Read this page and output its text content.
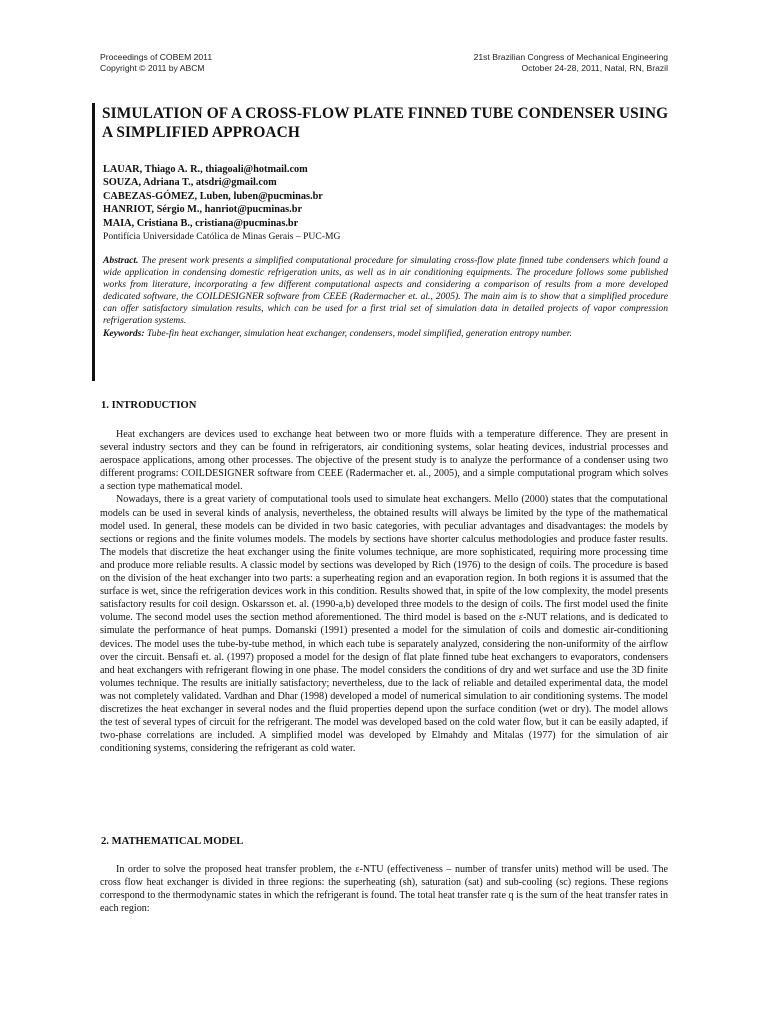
Proceedings of COBEM 2011
Copyright © 2011 by ABCM
21st Brazilian Congress of Mechanical Engineering
October 24-28, 2011, Natal, RN, Brazil
SIMULATION OF A CROSS-FLOW PLATE FINNED TUBE CONDENSER USING A SIMPLIFIED APPROACH
LAUAR, Thiago A. R., thiagoali@hotmail.com
SOUZA, Adriana T., atsdri@gmail.com
CABEZAS-GÓMEZ, Luben, luben@pucminas.br
HANRIOT, Sérgio M., hanriot@pucminas.br
MAIA, Cristiana B., cristiana@pucminas.br
Pontifícia Universidade Católica de Minas Gerais – PUC-MG

Abstract. The present work presents a simplified computational procedure for simulating cross-flow plate finned tube condensers which found a wide application in condensing domestic refrigeration units, as well as in air conditioning equipments. The procedure follows some published works from literature, incorporating a few different computational aspects and considering a comparison of results from a more developed dedicated software, the COILDESIGNER software from CEEE (Radermacher et. al., 2005). The main aim is to show that a simplified procedure can offer satisfactory simulation results, which can be used for a first trial set of simulation data in detailed projects of vapor compression refrigeration systems.
Keywords: Tube-fin heat exchanger, simulation heat exchanger, condensers, model simplified, generation entropy number.

1. INTRODUCTION
Heat exchangers are devices used to exchange heat between two or more fluids with a temperature difference. They are present in several industry sectors and they can be found in refrigerators, air conditioning systems, solar heating devices, industrial processes and aerospace applications, among other processes. The objective of the present study is to analyze the performance of a condenser using two different programs: COILDESIGNER software from CEEE (Radermacher et. al., 2005), and a simple computational program which solves a section type mathematical model.
Nowadays, there is a great variety of computational tools used to simulate heat exchangers. Mello (2000) states that the computational models can be used in several kinds of analysis, nevertheless, the obtained results will always be limited by the type of the mathematical model used. In general, these models can be divided in two basic categories, with peculiar advantages and disadvantages: the models by sections or regions and the finite volumes models. The models by sections have shorter calculus methodologies and produce faster results. The models that discretize the heat exchanger using the finite volumes technique, are more sophisticated, requiring more processing time and produce more reliable results. A classic model by sections was developed by Rich (1976) to the design of coils. The procedure is based on the division of the heat exchanger into two parts: a superheating region and an evaporation region. In both regions it is assumed that the surface is wet, since the refrigeration devices work in this condition. Results showed that, in spite of the low complexity, the model presents satisfactory results for coil design. Oskarsson et. al. (1990-a,b) developed three models to the design of coils. The first model used the finite volume. The second model uses the section method aforementioned. The third model is based on the ε-NUT relations, and is dedicated to simulate the performance of heat pumps. Domanski (1991) presented a model for the simulation of coils and domestic air-conditioning devices. The model uses the tube-by-tube method, in which each tube is separately analyzed, considering the non-uniformity of the airflow over the circuit. Bensafi et. al. (1997) proposed a model for the design of flat plate finned tube heat exchangers to evaporators, condensers and heat exchangers with refrigerant flowing in one phase. The model considers the conditions of dry and wet surface and use the 3D finite volumes technique. The results are initially satisfactory; nevertheless, due to the lack of reliable and detailed experimental data, the model was not completely validated. Vardhan and Dhar (1998) developed a model of numerical simulation to air conditioning systems. The model discretizes the heat exchanger in several nodes and the fluid properties depend upon the surface condition (wet or dry). The model allows the test of several types of circuit for the refrigerant. The model was developed based on the cold water flow, but it can be easily adapted, if two-phase correlations are included. A simplified model was developed by Elmahdy and Mitalas (1977) for the simulation of air conditioning systems, considering the refrigerant as cold water.
2. MATHEMATICAL MODEL
In order to solve the proposed heat transfer problem, the ε-NTU (effectiveness – number of transfer units) method will be used. The cross flow heat exchanger is divided in three regions: the superheating (sh), saturation (sat) and sub-cooling (sc) regions. These regions correspond to the thermodynamic states in which the refrigerant is found. The total heat transfer rate q is the sum of the heat transfer rates in each region:
